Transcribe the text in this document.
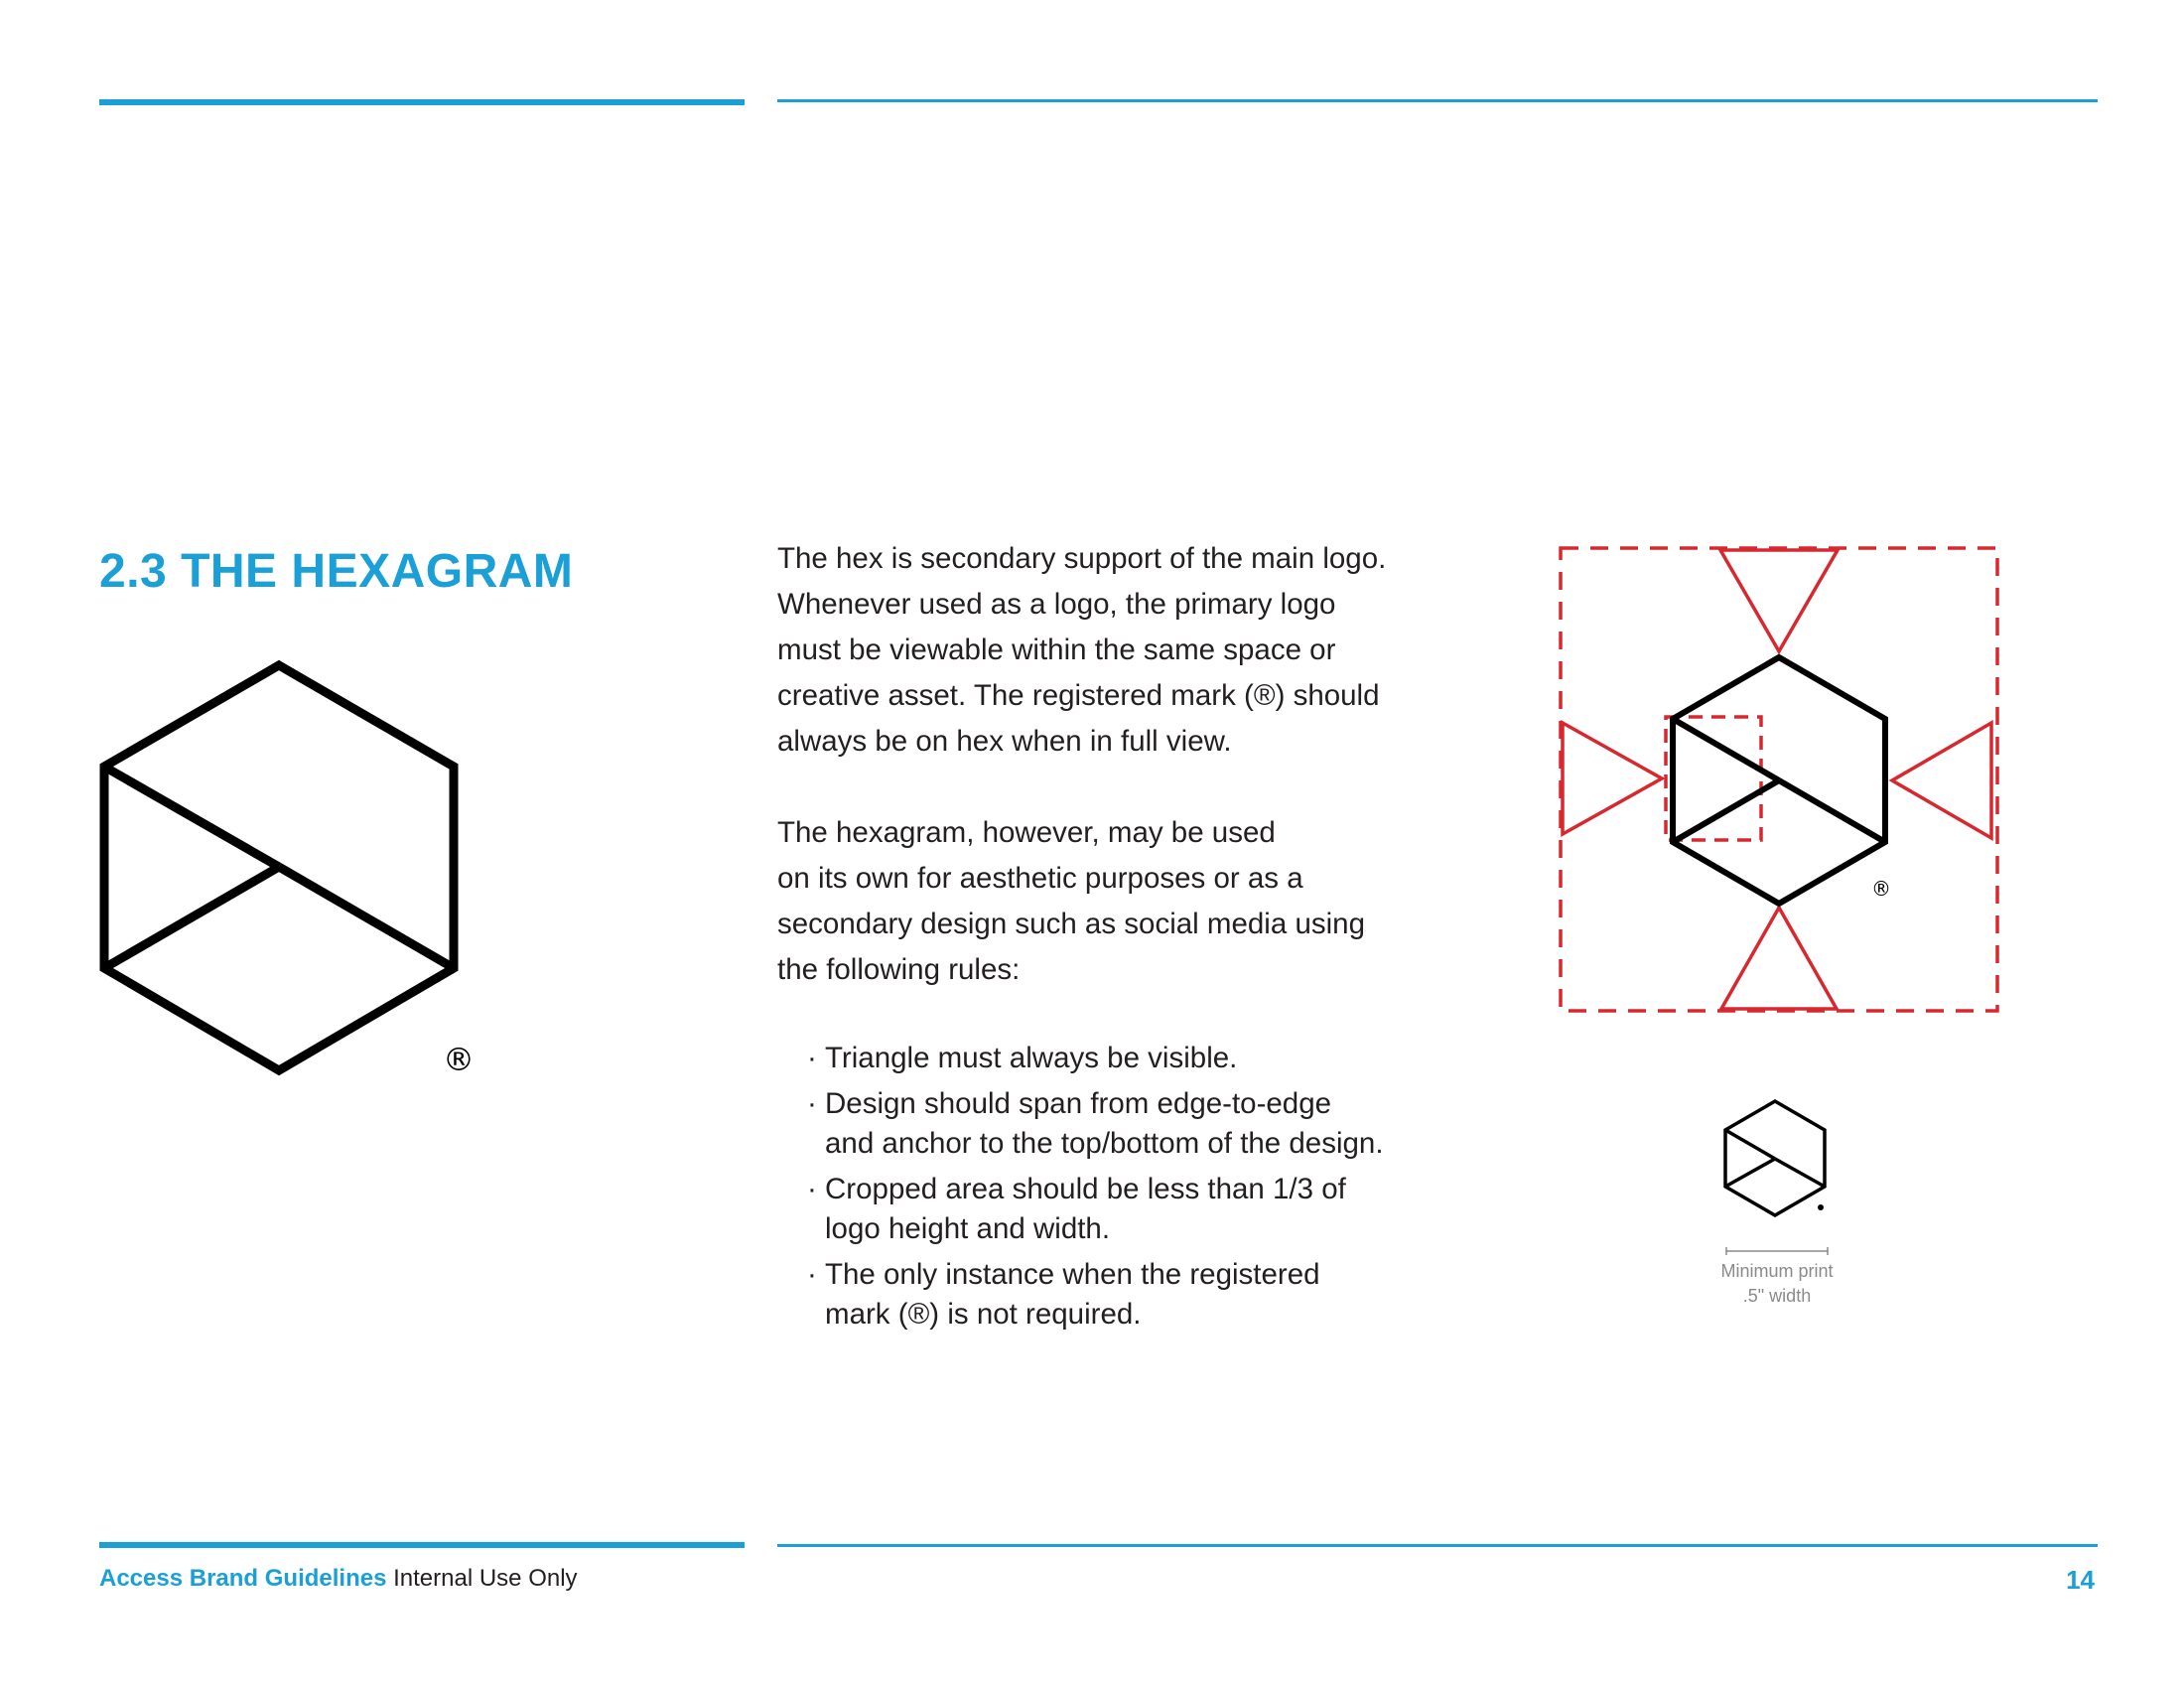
2.3 THE HEXAGRAM
®

The hex is secondary support of the main logo.
Whenever used as a logo, the primary logo
must be viewable within the same space or
creative asset. The registered mark (®) should
always be on hex when in full view.

The hexagram, however, may be used
on its own for aesthetic purposes or as a
secondary design such as social media using
the following rules:

· Triangle must always be visible.
· Design should span from edge-to-edge
and anchor to the top/bottom of the design.
· Cropped area should be less than 1/3 of
logo height and width.
· The only instance when the registered
mark (®) is not required.
®
Minimum print
.5" width
Access Brand Guidelines Internal Use Only	14
